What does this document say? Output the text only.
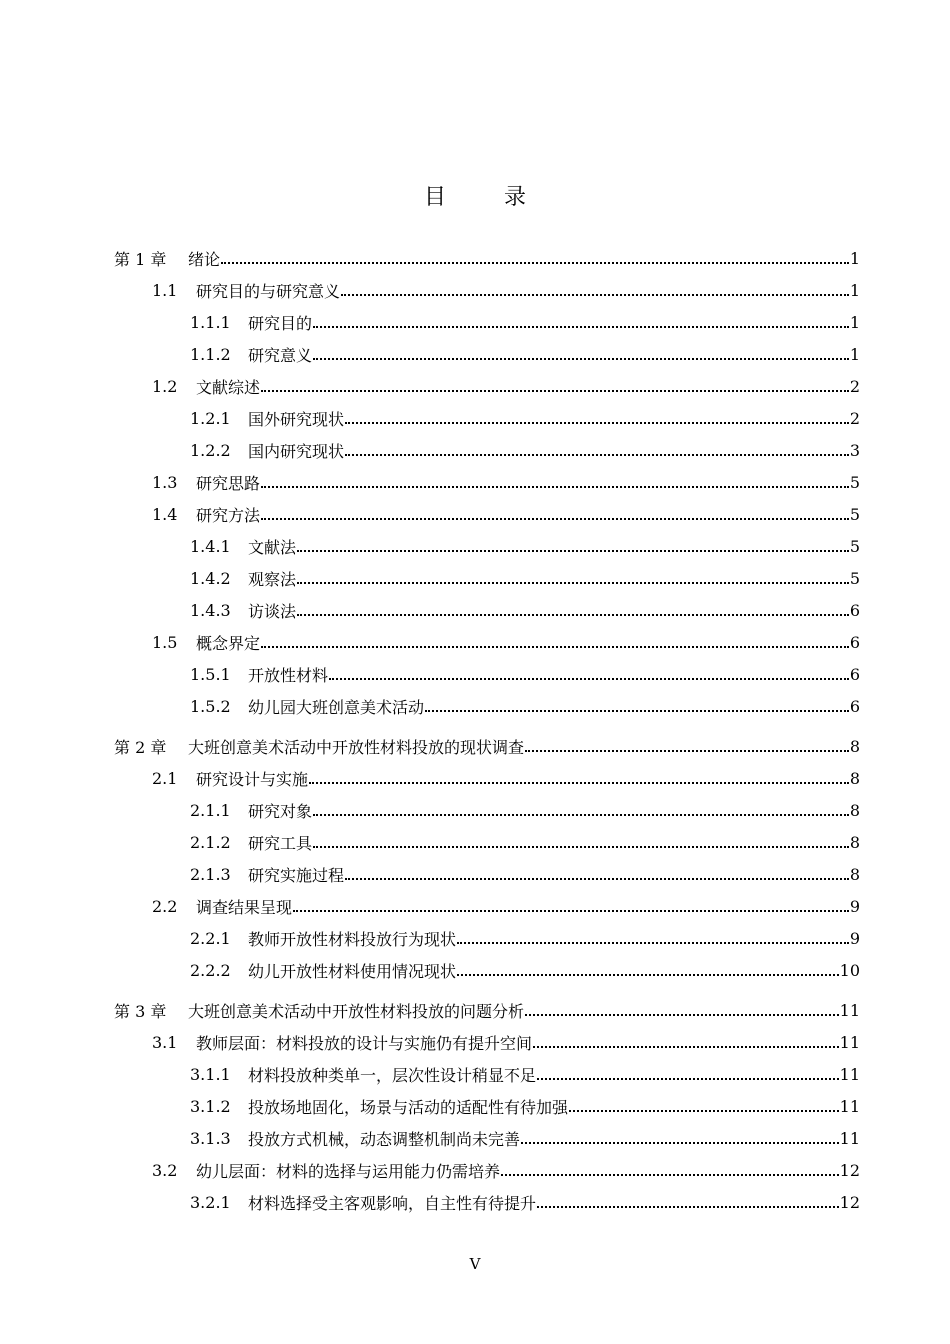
目	录
第 1 章	绪论	1
1.1	研究目的与研究意义	1
1.1.1	研究目的	1
1.1.2	研究意义	1
1.2	文献综述	2
1.2.1	国外研究现状	2
1.2.2	国内研究现状	3
1.3	研究思路	5
1.4	研究方法	5
1.4.1	文献法	5
1.4.2	观察法	5
1.4.3	访谈法	6
1.5	概念界定	6
1.5.1	开放性材料	6
1.5.2	幼儿园大班创意美术活动	6
第 2 章	大班创意美术活动中开放性材料投放的现状调查	8
2.1	研究设计与实施	8
2.1.1	研究对象	8
2.1.2	研究工具	8
2.1.3	研究实施过程	8
2.2	调查结果呈现	9
2.2.1	教师开放性材料投放行为现状	9
2.2.2	幼儿开放性材料使用情况现状	10
第 3 章	大班创意美术活动中开放性材料投放的问题分析	11
3.1	教师层面：材料投放的设计与实施仍有提升空间	11
3.1.1	材料投放种类单一，层次性设计稍显不足	11
3.1.2	投放场地固化，场景与活动的适配性有待加强	11
3.1.3	投放方式机械，动态调整机制尚未完善	11
3.2	幼儿层面：材料的选择与运用能力仍需培养	12
3.2.1	材料选择受主客观影响，自主性有待提升	12
V
